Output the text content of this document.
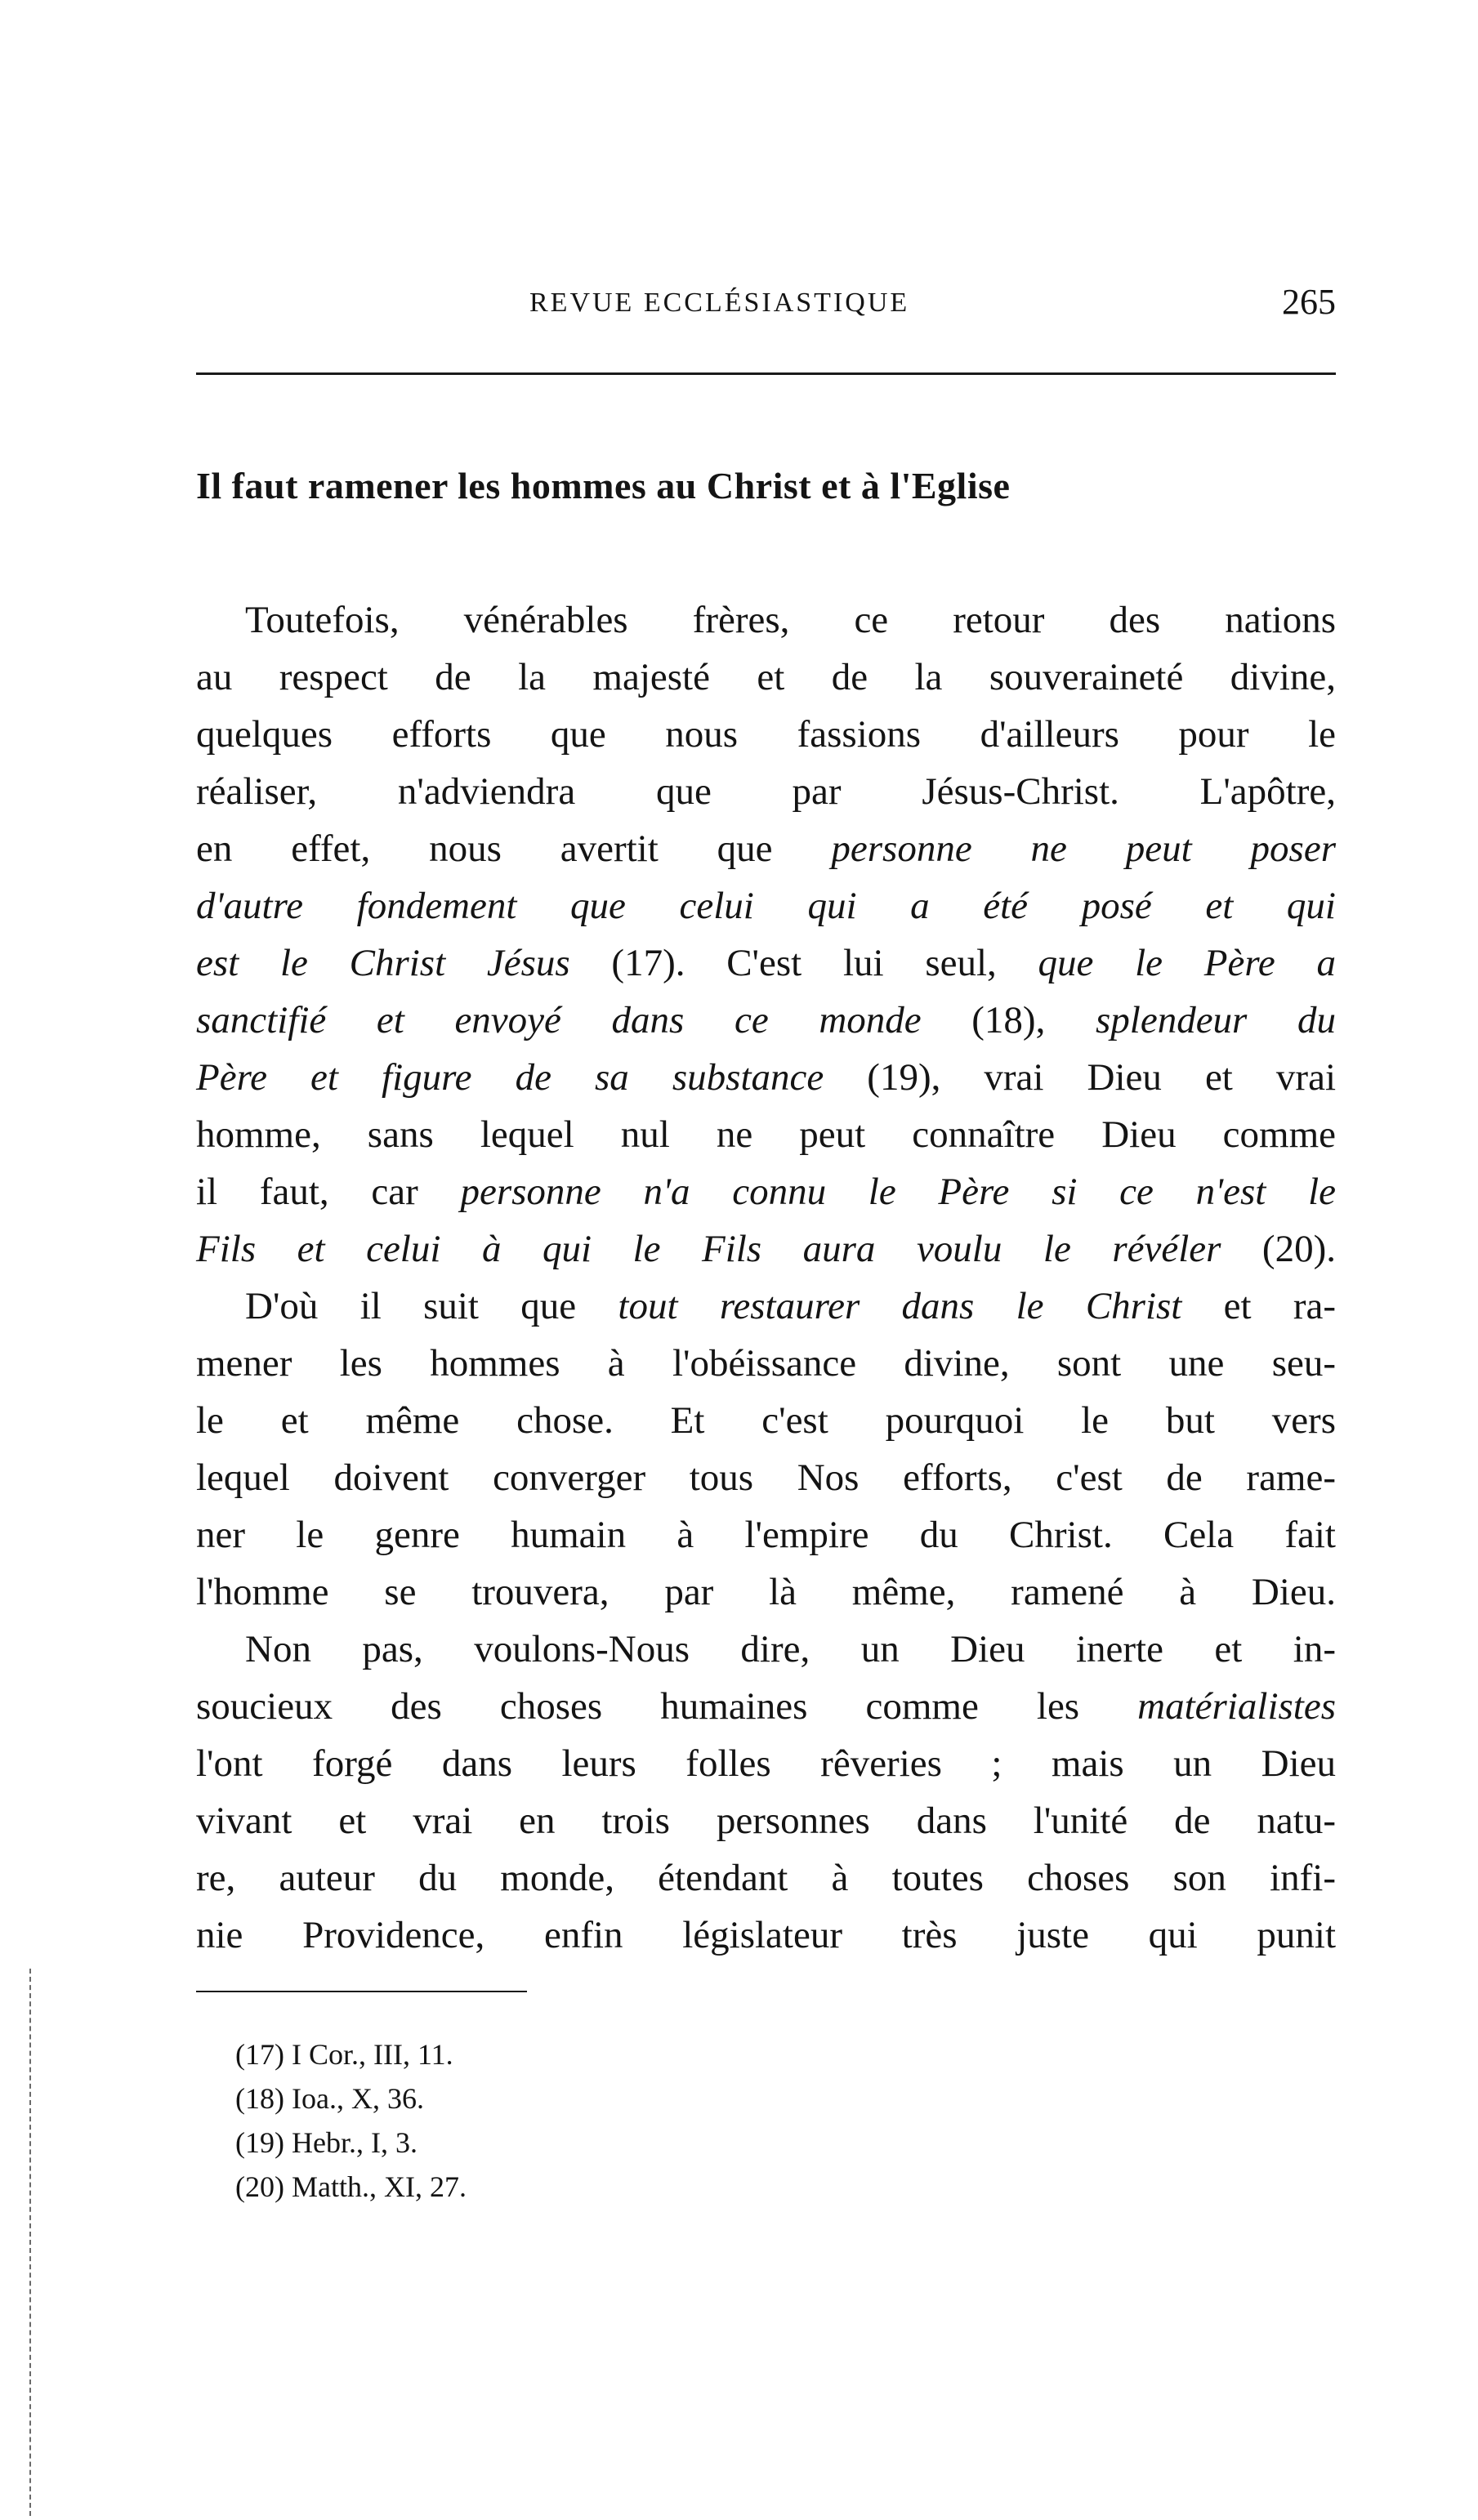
REVUE ECCLÉSIASTIQUE	265
Il faut ramener les hommes au Christ et à l'Eglise
Toutefois, vénérables frères, ce retour des nations
au respect de la majesté et de la souveraineté divine,
quelques efforts que nous fassions d'ailleurs pour le
réaliser, n'adviendra que par Jésus-Christ. L'apôtre,
en effet, nous avertit que personne ne peut poser
d'autre fondement que celui qui a été posé et qui
est le Christ Jésus (17). C'est lui seul, que le Père a
sanctifié et envoyé dans ce monde (18), splendeur du
Père et figure de sa substance (19), vrai Dieu et vrai
homme, sans lequel nul ne peut connaître Dieu comme
il faut, car personne n'a connu le Père si ce n'est le
Fils et celui à qui le Fils aura voulu le révéler (20).
D'où il suit que tout restaurer dans le Christ et ra-
mener les hommes à l'obéissance divine, sont une seu-
le et même chose. Et c'est pourquoi le but vers
lequel doivent converger tous Nos efforts, c'est de rame-
ner le genre humain à l'empire du Christ. Cela fait
l'homme se trouvera, par là même, ramené à Dieu.
Non pas, voulons-Nous dire, un Dieu inerte et in-
soucieux des choses humaines comme les matérialistes
l'ont forgé dans leurs folles rêveries ; mais un Dieu
vivant et vrai en trois personnes dans l'unité de natu-
re, auteur du monde, étendant à toutes choses son infi-
nie Providence, enfin législateur très juste qui punit
(17) I Cor., III, 11.
(18) Ioa., X, 36.
(19) Hebr., I, 3.
(20) Matth., XI, 27.
